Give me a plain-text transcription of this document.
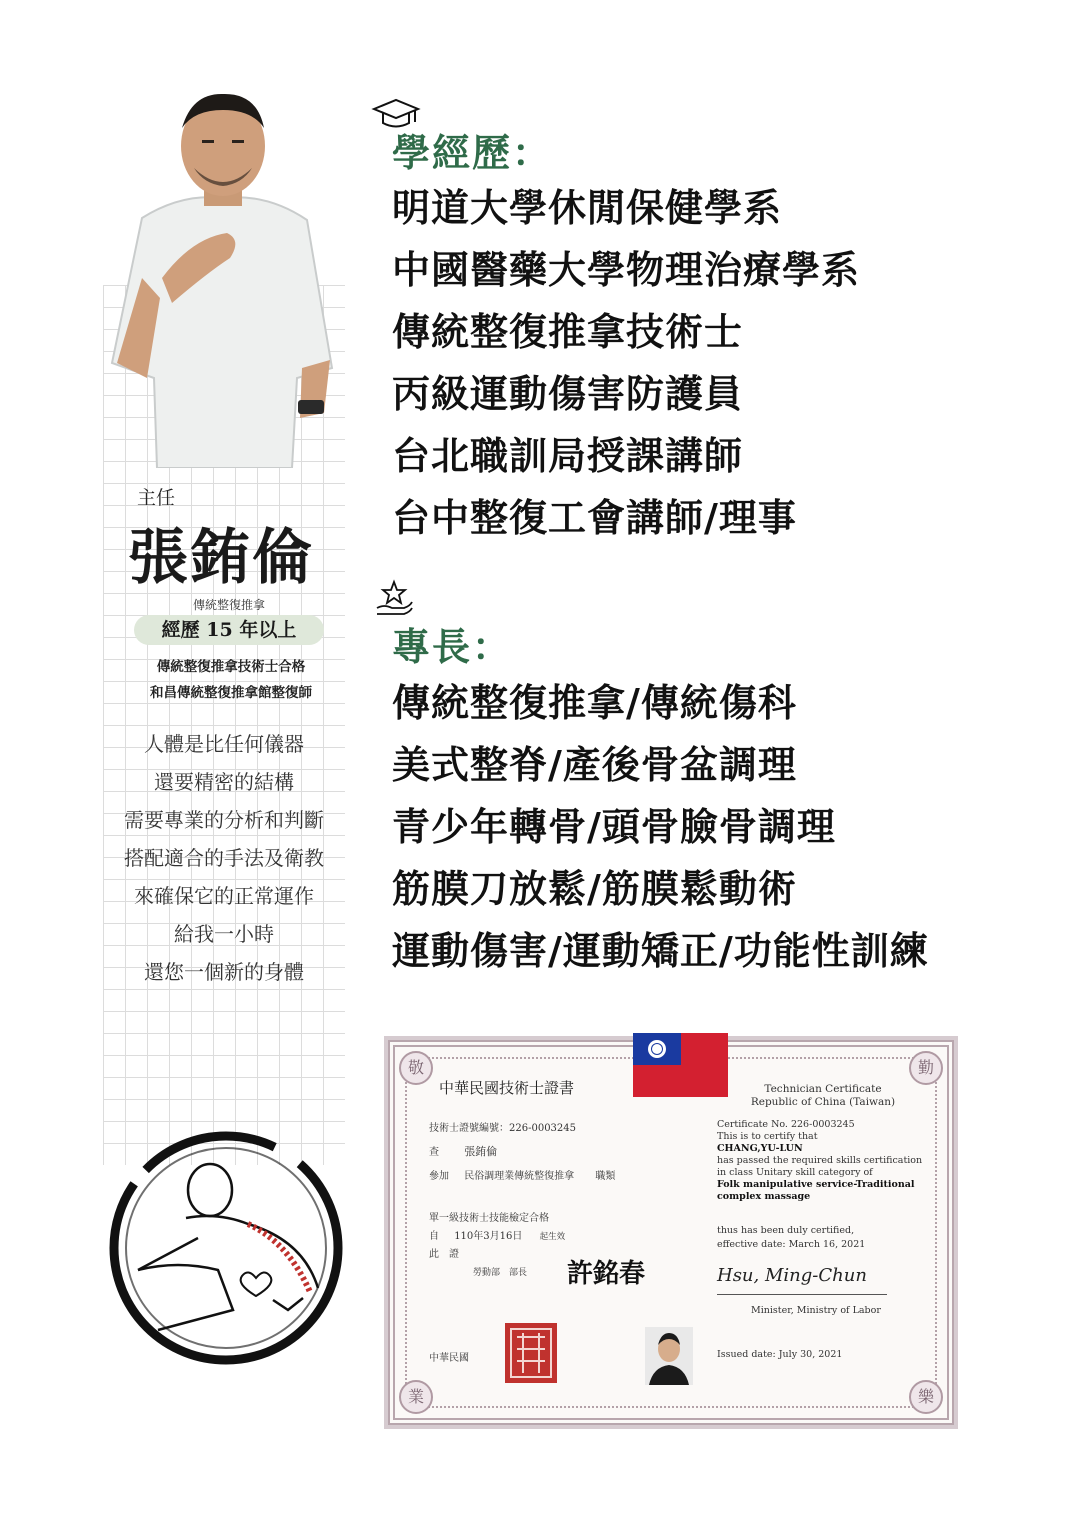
主任
張銪倫
傳統整復推拿
經歷 15 年以上
傳統整復推拿技術士合格
和昌傳統整復推拿館整復師
人體是比任何儀器
還要精密的結構
需要專業的分析和判斷
搭配適合的手法及衛教
來確保它的正常運作
給我一小時
還您一個新的身體
學經歷：
明道大學休閒保健學系
中國醫藥大學物理治療學系
傳統整復推拿技術士
丙級運動傷害防護員
台北職訓局授課講師
台中整復工會講師/理事
專長：
傳統整復推拿/傳統傷科
美式整脊/產後骨盆調理
青少年轉骨/頭骨臉骨調理
筋膜刀放鬆/筋膜鬆動術
運動傷害/運動矯正/功能性訓練
敬	勤
業	樂
中華民國技術士證書	Technician Certificate
Republic of China (Taiwan)
技術士證號編號：226-0003245
查 張銪倫
參加 民俗調理業傳統整復推拿 職類
單一級技術士技能檢定合格
自 110年3月16日 起生效
此　證
勞動部　部長 許銘春
中華民國
Certificate No. 226-0003245
This is to certify that
CHANG,YU-LUN
has passed the required skills certification
in class Unitary skill category of
Folk manipulative service-Traditional
complex massage
thus has been duly certified,
effective date: March 16, 2021
Hsu, Ming-Chun
Minister, Ministry of Labor
Issued date: July 30, 2021
